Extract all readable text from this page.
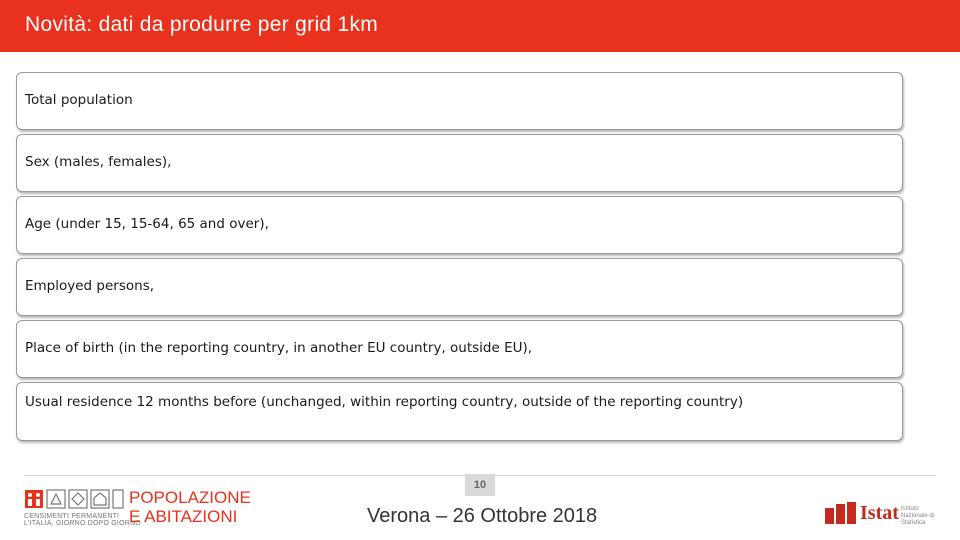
Novità: dati da produrre per grid 1km
Total population
Sex (males, females),
Age (under 15, 15-64, 65 and over),
Employed persons,
Place of birth (in the reporting country, in another EU country, outside EU),
Usual residence 12 months before (unchanged, within reporting country, outside of the reporting country)
10
Verona – 26 Ottobre 2018
CENSIMENTI PERMANENTI
L'ITALIA, GIORNO DOPO GIORNO
POPOLAZIONE
E ABITAZIONI	Istat Istituto Nazionale di Statistica
